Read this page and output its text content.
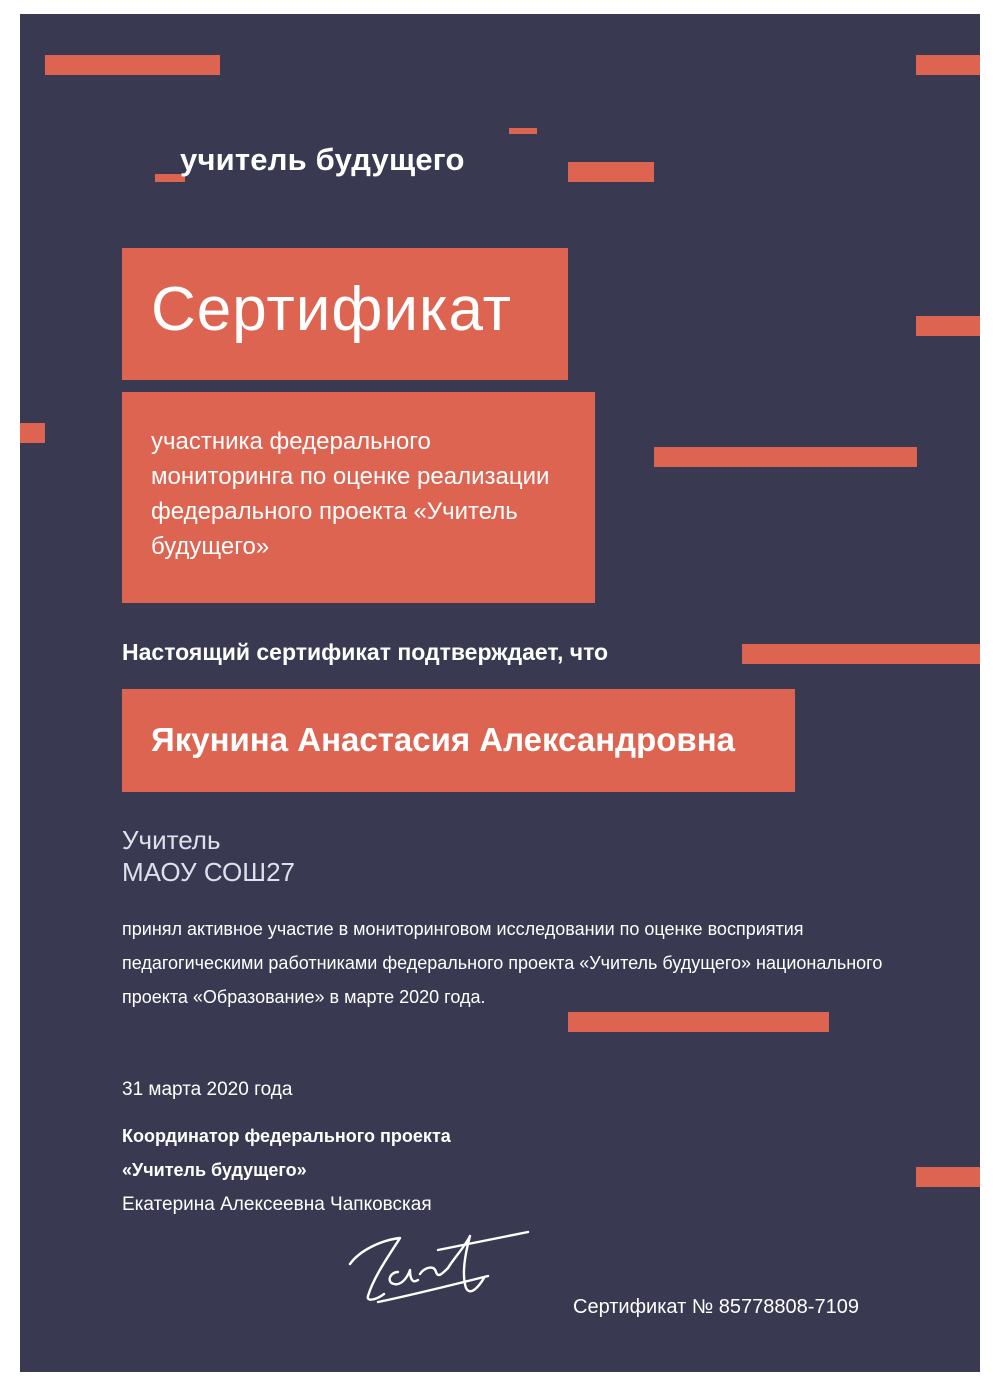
учитель будущего
Сертификат

участника федерального мониторинга по оценке реализации федерального проекта «Учитель будущего»

Настоящий сертификат подтверждает, что

Якунина Анастасия Александровна

Учитель

МАОУ СОШ27

принял активное участие в мониторинговом исследовании по оценке восприятия педагогическими работниками федерального проекта «Учитель будущего» национального проекта «Образование» в марте 2020 года.

31 марта 2020 года

Координатор федерального проекта

«Учитель будущего»

Екатерина Алексеевна Чапковская

Сертификат № 85778808-7109
